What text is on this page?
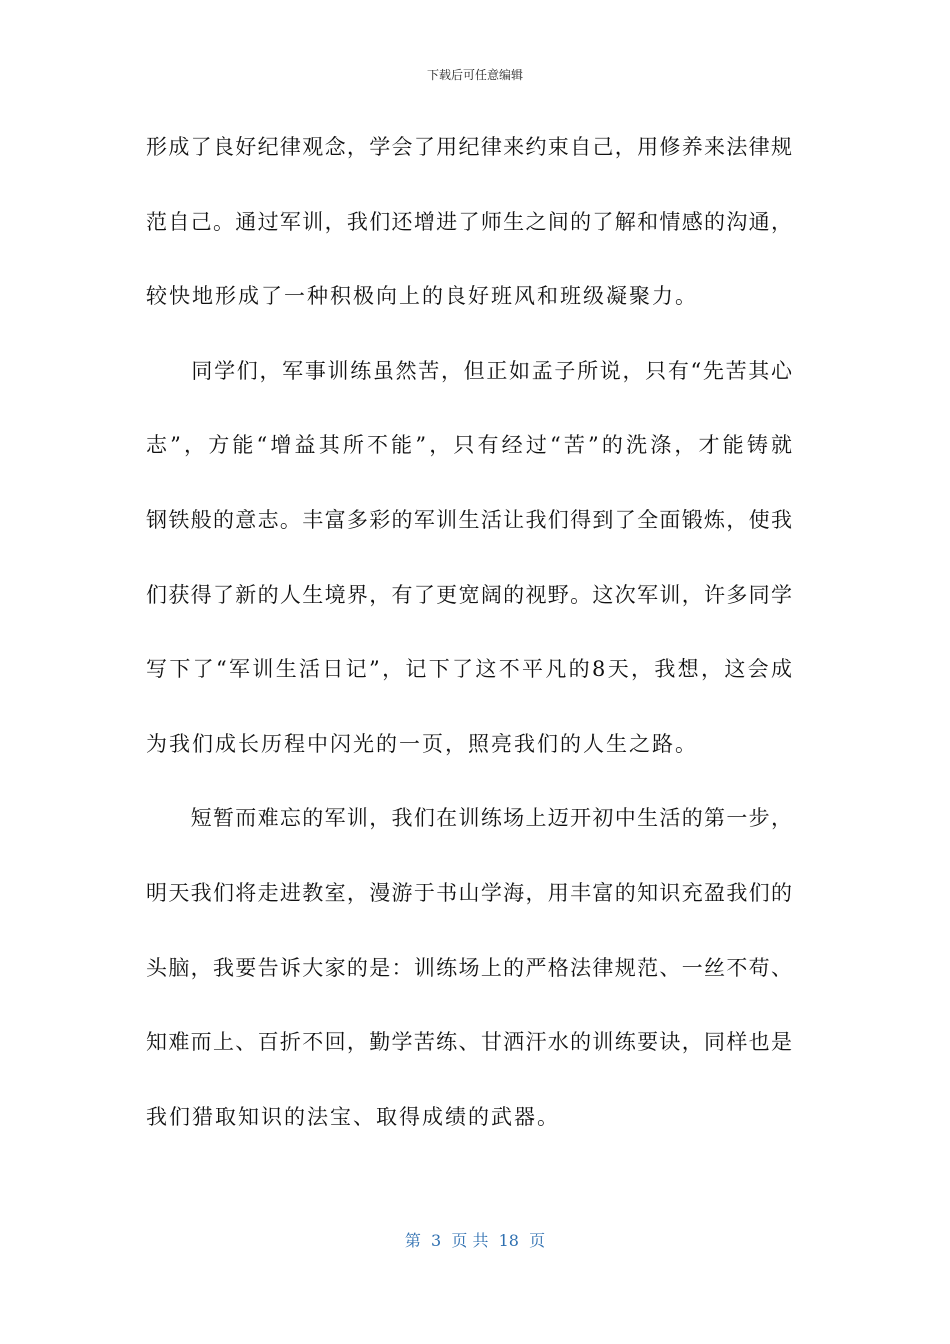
下载后可任意编辑
形成了良好纪律观念，学会了用纪律来约束自己，用修养来法律规
范自己。通过军训，我们还增进了师生之间的了解和情感的沟通，
较快地形成了一种积极向上的良好班风和班级凝聚力。
　　同学们，军事训练虽然苦，但正如孟子所说，只有“先苦其心
志”，方能“增益其所不能”，只有经过“苦”的洗涤，才能铸就
钢铁般的意志。丰富多彩的军训生活让我们得到了全面锻炼，使我
们获得了新的人生境界，有了更宽阔的视野。这次军训，许多同学
写下了“军训生活日记”，记下了这不平凡的8天，我想，这会成
为我们成长历程中闪光的一页，照亮我们的人生之路。
　　短暂而难忘的军训，我们在训练场上迈开初中生活的第一步，
明天我们将走进教室，漫游于书山学海，用丰富的知识充盈我们的
头脑，我要告诉大家的是：训练场上的严格法律规范、一丝不苟、
知难而上、百折不回，勤学苦练、甘洒汗水的训练要诀，同样也是
我们猎取知识的法宝、取得成绩的武器。
第  3  页 共  18  页
